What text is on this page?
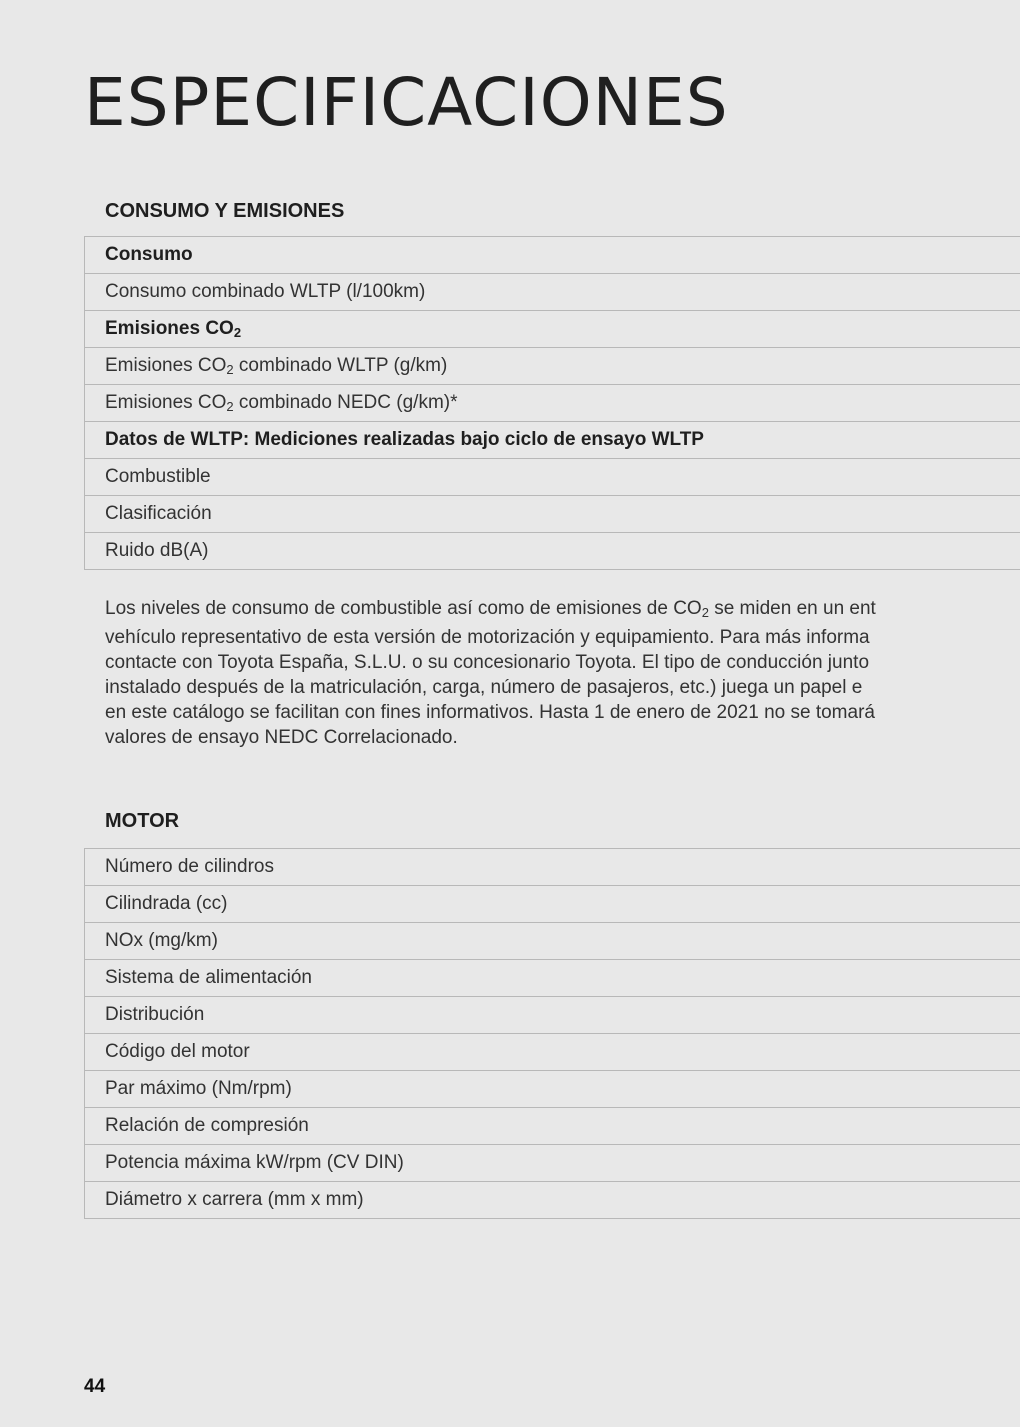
ESPECIFICACIONES
CONSUMO Y EMISIONES
Consumo
Consumo combinado WLTP (l/100km)
Emisiones $CO_2$
Emisiones $CO_2$ combinado WLTP (g/km)
Emisiones $CO_2$ combinado NEDC (g/km)*
Datos de WLTP: Mediciones realizadas bajo ciclo de ensayo WLTP
Combustible
Clasificación
Ruido dB(A)
Los niveles de consumo de combustible así como de emisiones de $CO_2$ se miden en un ent
vehículo representativo de esta versión de motorización y equipamiento. Para más informa
contacte con Toyota España, S.L.U. o su concesionario Toyota. El tipo de conducción junto
instalado después de la matriculación, carga, número de pasajeros, etc.) juega un papel e
en este catálogo se facilitan con fines informativos. Hasta 1 de enero de 2021 no se tomará
valores de ensayo NEDC Correlacionado.
MOTOR
Número de cilindros
Cilindrada (cc)
NOx (mg/km)
Sistema de alimentación
Distribución
Código del motor
Par máximo (Nm/rpm)
Relación de compresión
Potencia máxima kW/rpm (CV DIN)
Diámetro x carrera (mm x mm)
44
